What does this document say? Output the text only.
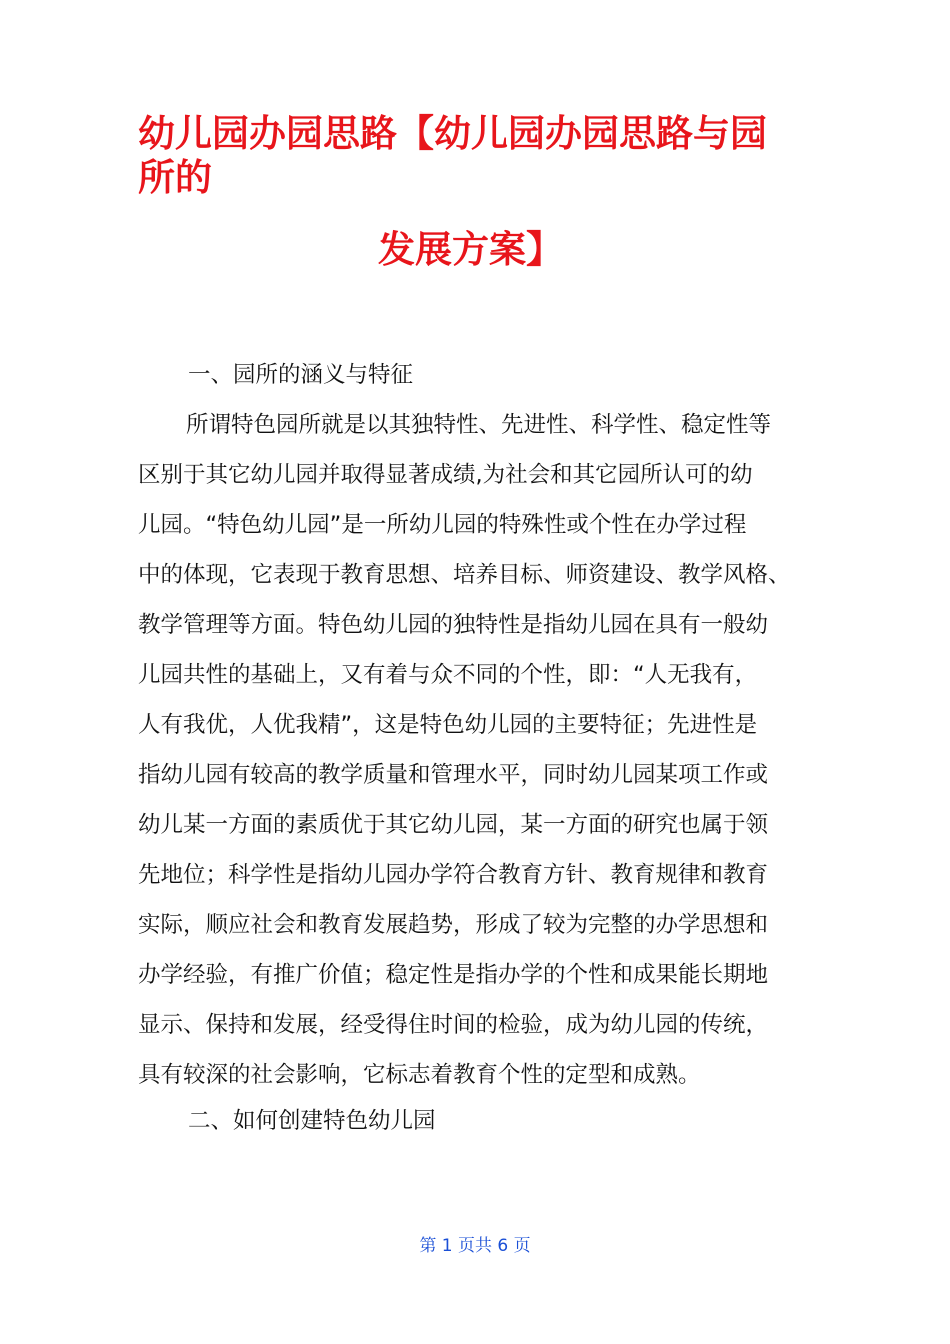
幼儿园办园思路【幼儿园办园思路与园
所的
发展方案】
一、园所的涵义与特征
所谓特色园所就是以其独特性、先进性、科学性、稳定性等
区别于其它幼儿园并取得显著成绩,为社会和其它园所认可的幼
儿园。“特色幼儿园”是一所幼儿园的特殊性或个性在办学过程
中的体现，它表现于教育思想、培养目标、师资建设、教学风格、
教学管理等方面。特色幼儿园的独特性是指幼儿园在具有一般幼
儿园共性的基础上，又有着与众不同的个性，即：“人无我有，
人有我优，人优我精”，这是特色幼儿园的主要特征；先进性是
指幼儿园有较高的教学质量和管理水平，同时幼儿园某项工作或
幼儿某一方面的素质优于其它幼儿园，某一方面的研究也属于领
先地位；科学性是指幼儿园办学符合教育方针、教育规律和教育
实际，顺应社会和教育发展趋势，形成了较为完整的办学思想和
办学经验，有推广价值；稳定性是指办学的个性和成果能长期地
显示、保持和发展，经受得住时间的检验，成为幼儿园的传统，
具有较深的社会影响，它标志着教育个性的定型和成熟。
二、如何创建特色幼儿园
第 1 页共 6 页
